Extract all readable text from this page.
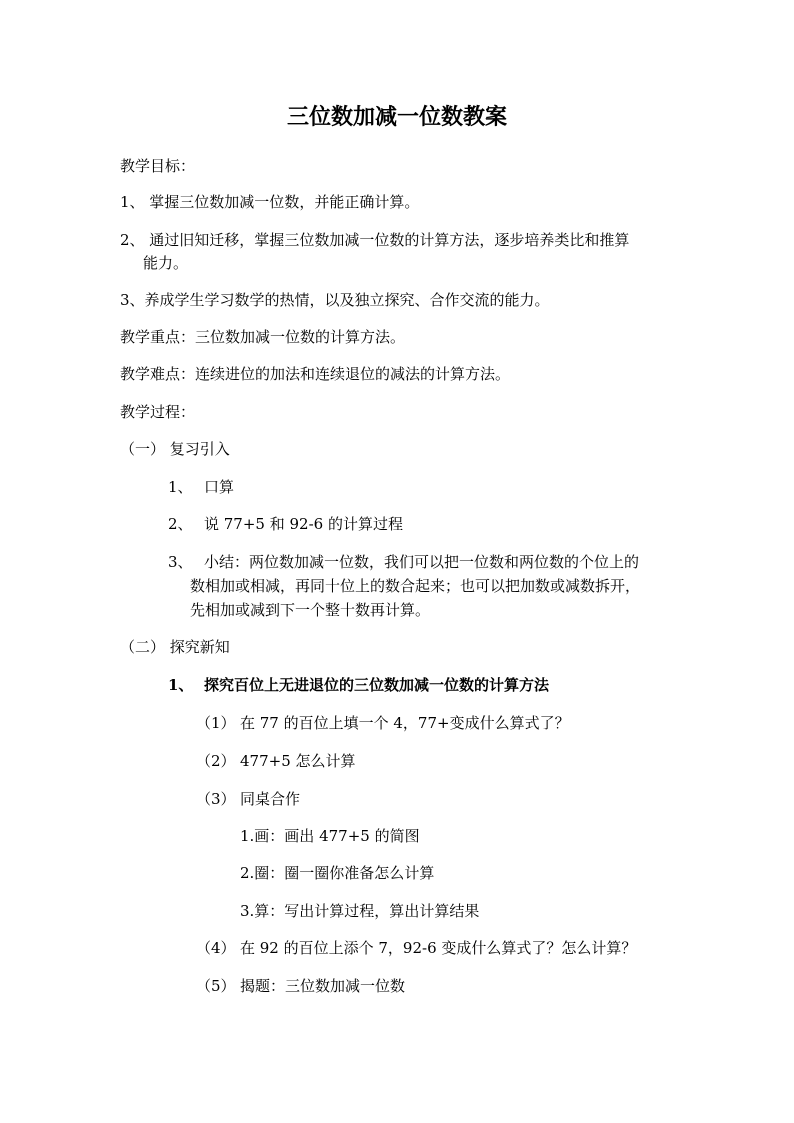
三位数加减一位数教案
教学目标：
1、 掌握三位数加减一位数，并能正确计算。
2、 通过旧知迁移，掌握三位数加减一位数的计算方法，逐步培养类比和推算
能力。
3、养成学生学习数学的热情，以及独立探究、合作交流的能力。
教学重点：三位数加减一位数的计算方法。
教学难点：连续进位的加法和连续退位的减法的计算方法。
教学过程：
（一） 复习引入
1、 口算
2、 说 77+5 和 92-6 的计算过程
3、 小结：两位数加减一位数，我们可以把一位数和两位数的个位上的
数相加或相减，再同十位上的数合起来；也可以把加数或减数拆开，
先相加或减到下一个整十数再计算。
（二） 探究新知
1、 探究百位上无进退位的三位数加减一位数的计算方法
（1） 在 77 的百位上填一个 4，77+变成什么算式了？
（2） 477+5 怎么计算
（3） 同桌合作
1.画：画出 477+5 的简图
2.圈：圈一圈你准备怎么计算
3.算：写出计算过程，算出计算结果
（4） 在 92 的百位上添个 7，92-6 变成什么算式了？怎么计算？
（5） 揭题：三位数加减一位数
